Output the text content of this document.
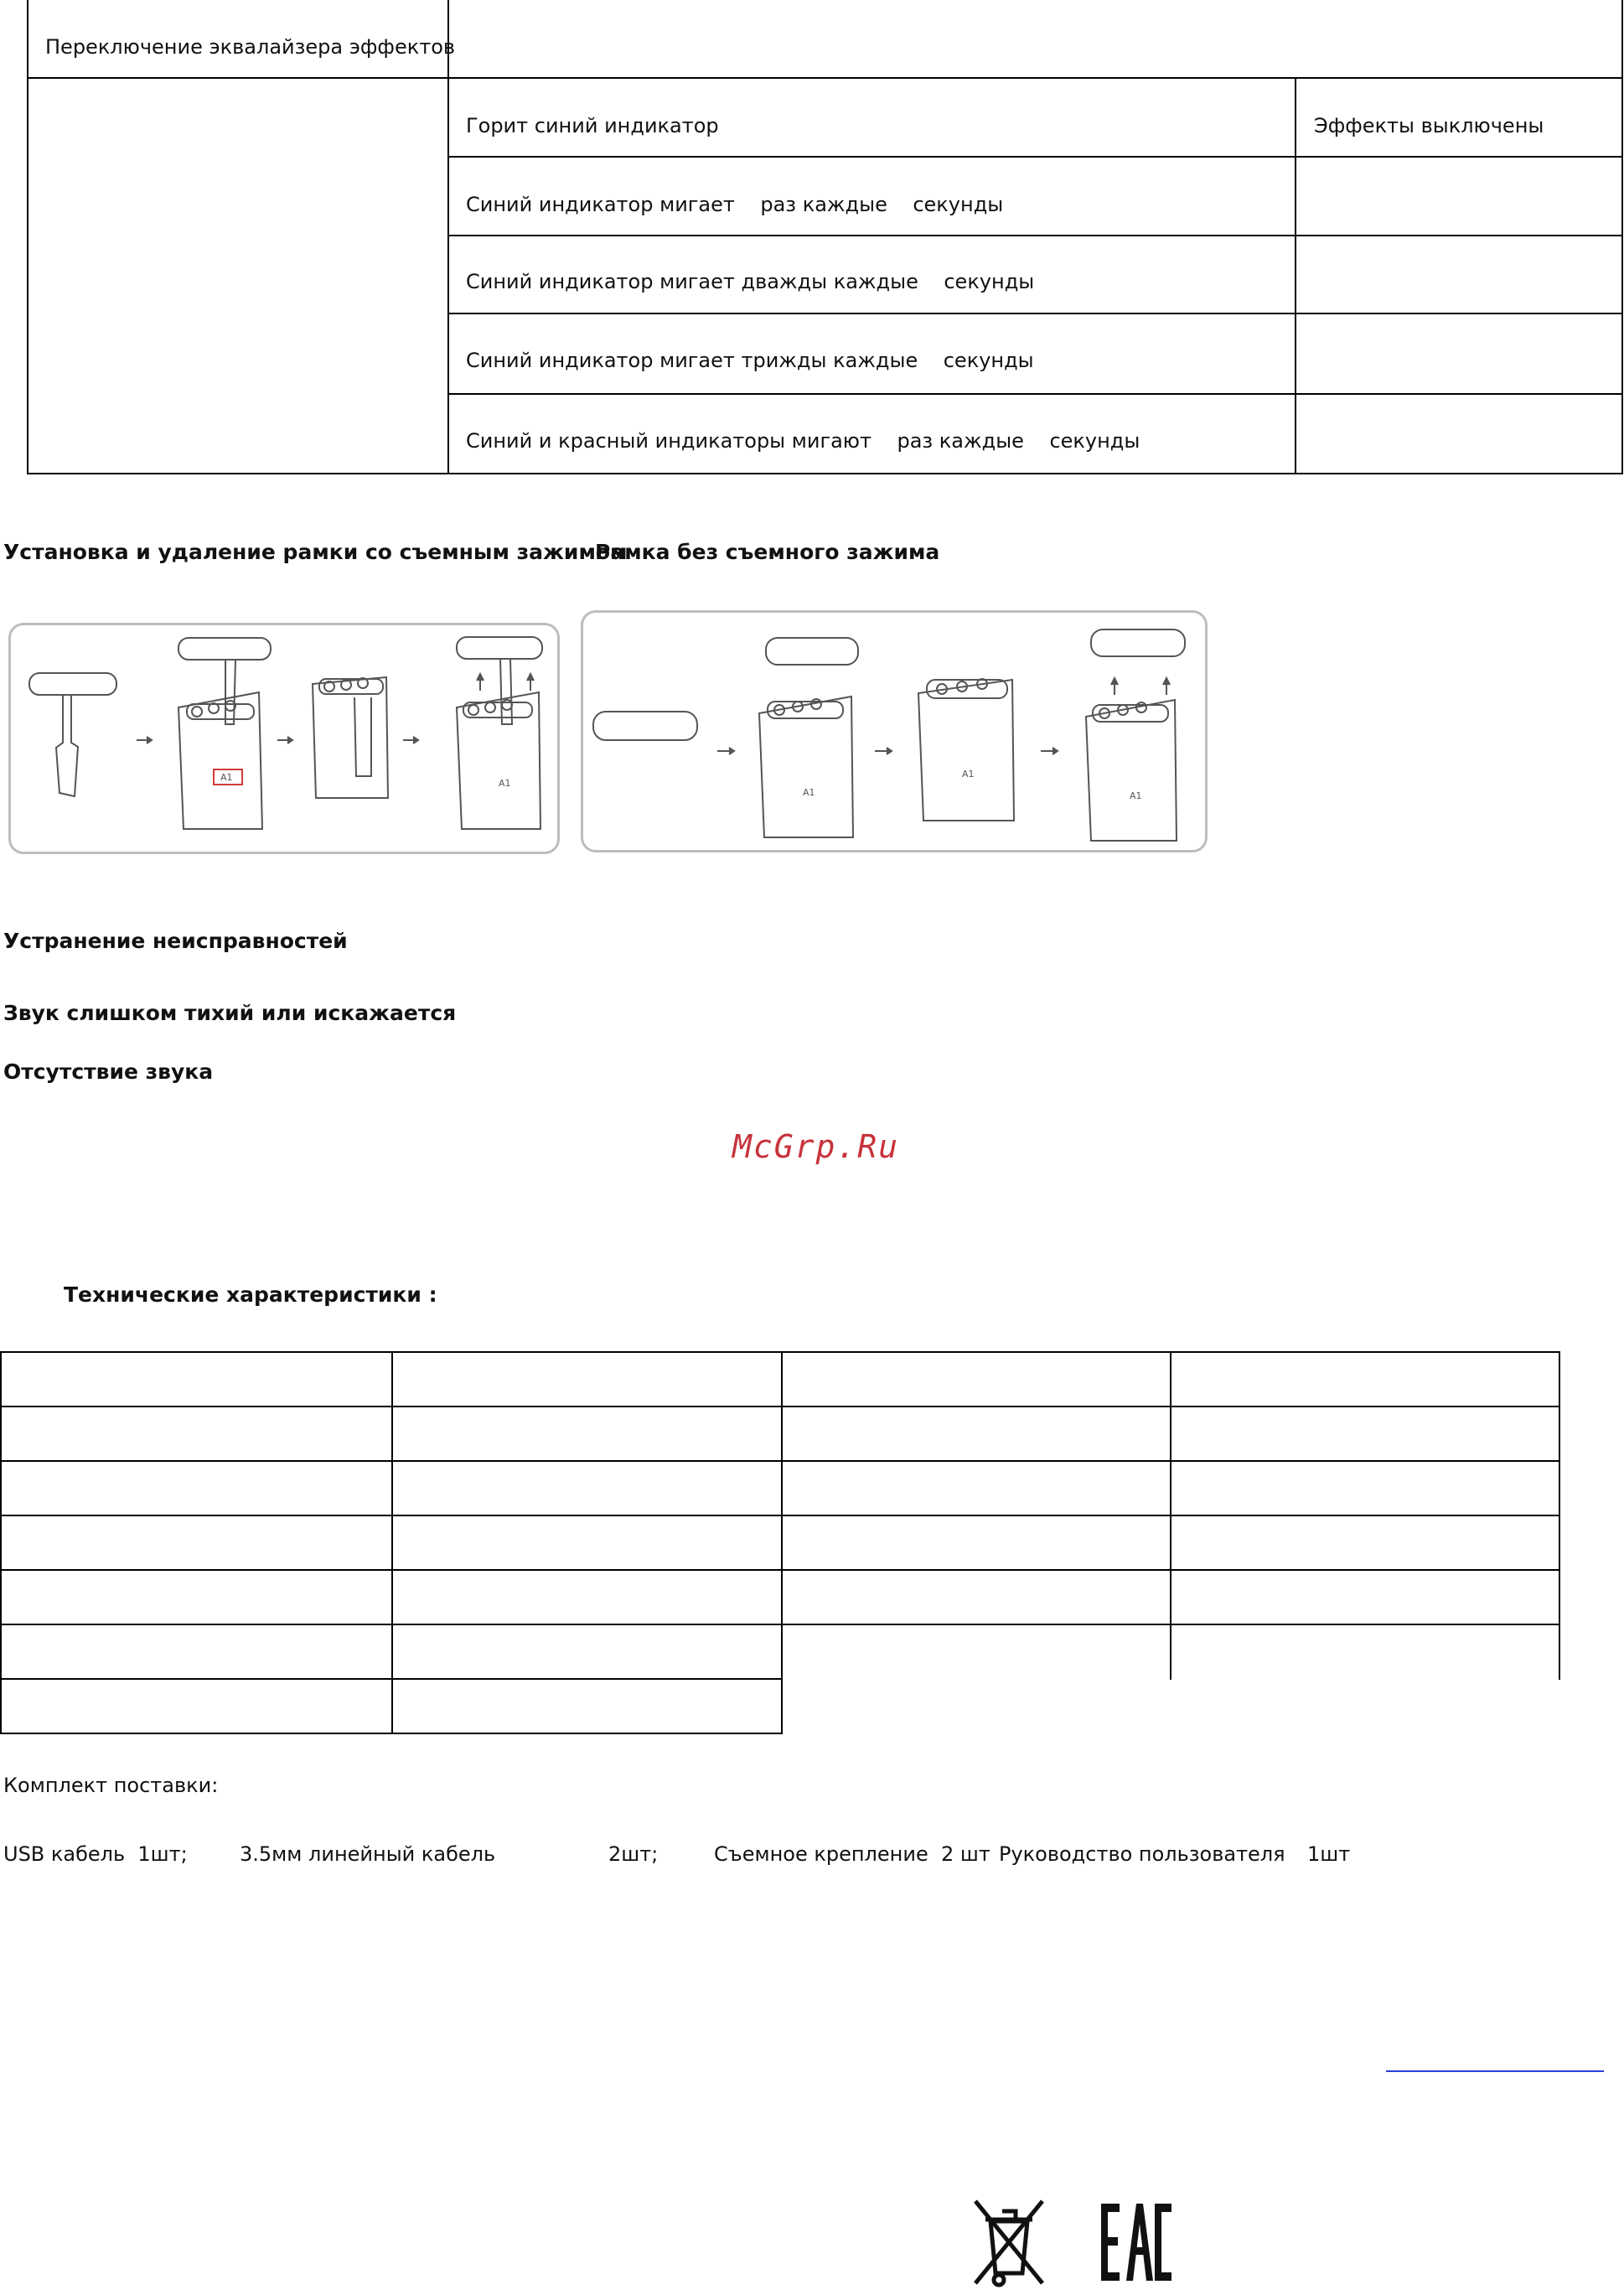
Переключение эквалайзера эффектов
Горит синий индикатор	Эффекты выключены
Синий индикатор мигает    раз каждые    секунды
Синий индикатор мигает дважды каждые    секунды
Синий индикатор мигает трижды каждые    секунды
Синий и красный индикаторы мигают    раз каждые    секунды
Установка и удаление рамки со съемным зажимом
Рамка без съемного зажима
A1
A1
A1
A1
A1
Устранение неисправностей
Звук слишком тихий или искажается
Отсутствие звука
McGrp.Ru
Технические характеристики :
Комплект поставки:
USB кабель  1шт;	3.5мм линейный кабель	2шт;	Съемное крепление  2 шт Руководство пользователя 1шт
